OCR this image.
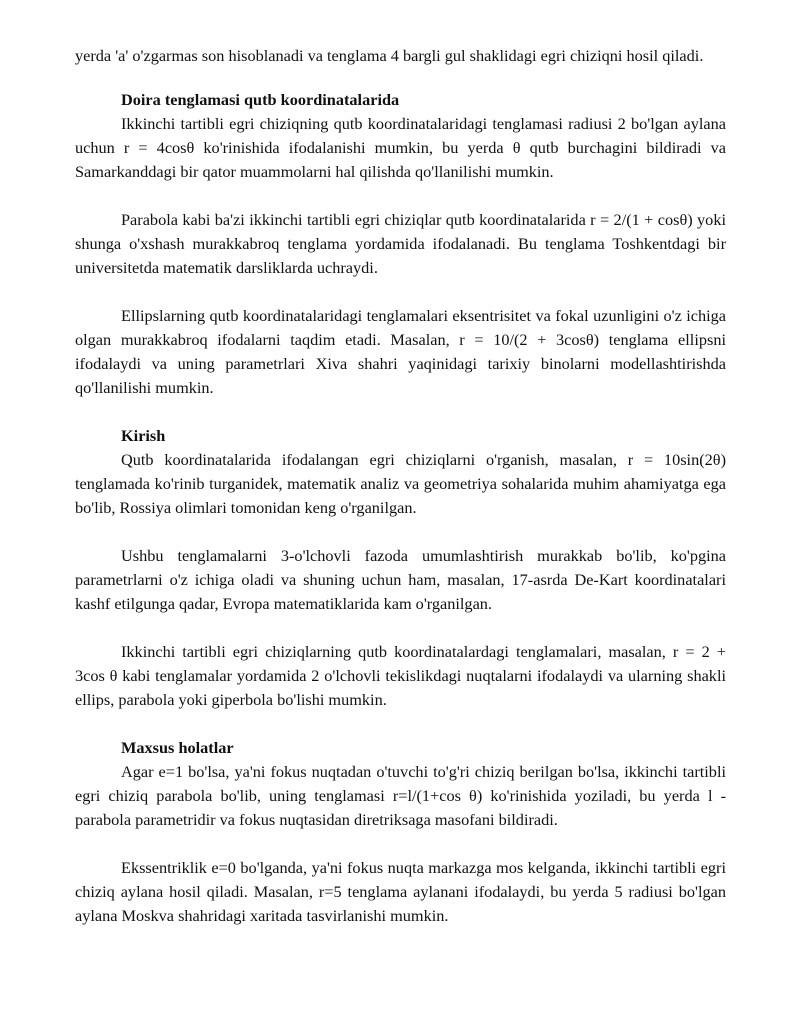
yerda 'a' o'zgarmas son hisoblanadi va tenglama 4 bargli gul shaklidagi egri chiziqni hosil qiladi.

Doira tenglamasi qutb koordinatalarida

Ikkinchi tartibli egri chiziqning qutb koordinatalaridagi tenglamasi radiusi 2 bo'lgan aylana uchun r = 4cosθ ko'rinishida ifodalanishi mumkin, bu yerda θ qutb burchagini bildiradi va Samarkanddagi bir qator muammolarni hal qilishda qo'llanilishi mumkin.

Parabola kabi ba'zi ikkinchi tartibli egri chiziqlar qutb koordinatalarida r = 2/(1 + cosθ) yoki shunga o'xshash murakkabroq tenglama yordamida ifodalanadi. Bu tenglama Toshkentdagi bir universitetda matematik darsliklarda uchraydi.

Ellipslarning qutb koordinatalaridagi tenglamalari eksentrisitet va fokal uzunligini o'z ichiga olgan murakkabroq ifodalarni taqdim etadi. Masalan, r = 10/(2 + 3cosθ) tenglama ellipsni ifodalaydi va uning parametrlari Xiva shahri yaqinidagi tarixiy binolarni modellashtirishda qo'llanilishi mumkin.

Kirish

Qutb koordinatalarida ifodalangan egri chiziqlarni o'rganish, masalan, r = 10sin(2θ) tenglamada ko'rinib turganidek, matematik analiz va geometriya sohalarida muhim ahamiyatga ega bo'lib, Rossiya olimlari tomonidan keng o'rganilgan.

Ushbu tenglamalarni 3-o'lchovli fazoda umumlashtirish murakkab bo'lib, ko'pgina parametrlarni o'z ichiga oladi va shuning uchun ham, masalan, 17-asrda De-Kart koordinatalari kashf etilgunga qadar, Evropa matematiklarida kam o'rganilgan.

Ikkinchi tartibli egri chiziqlarning qutb koordinatalardagi tenglamalari, masalan, r = 2 + 3cos θ kabi tenglamalar yordamida 2 o'lchovli tekislikdagi nuqtalarni ifodalaydi va ularning shakli ellips, parabola yoki giperbola bo'lishi mumkin.

Maxsus holatlar

Agar e=1 bo'lsa, ya'ni fokus nuqtadan o'tuvchi to'g'ri chiziq berilgan bo'lsa, ikkinchi tartibli egri chiziq parabola bo'lib, uning tenglamasi r=l/(1+cos θ) ko'rinishida yoziladi, bu yerda l - parabola parametridir va fokus nuqtasidan diretriksaga masofani bildiradi.

Ekssentriklik e=0 bo'lganda, ya'ni fokus nuqta markazga mos kelganda, ikkinchi tartibli egri chiziq aylana hosil qiladi. Masalan, r=5 tenglama aylanani ifodalaydi, bu yerda 5 radiusi bo'lgan aylana Moskva shahridagi xaritada tasvirlanishi mumkin.
